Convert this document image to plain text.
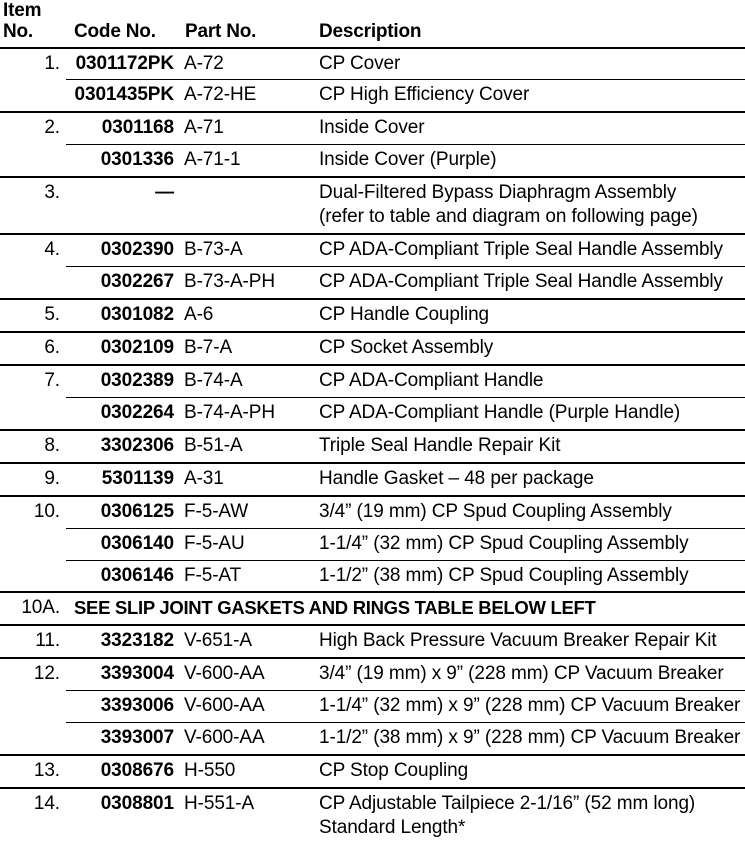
Item
No.	Code No.	Part No.	Description
1.	0301172PK	A-72	CP Cover

	0301435PK	A-72-HE	CP High Efficiency Cover

2.	0301168	A-71	Inside Cover

	0301336	A-71-1	Inside Cover (Purple)

3.	—		Dual-Filtered Bypass Diaphragm Assembly
(refer to table and diagram on following page)

4.	0302390	B-73-A	CP ADA-Compliant Triple Seal Handle Assembly

	0302267	B-73-A-PH	CP ADA-Compliant Triple Seal Handle Assembly

5.	0301082	A-6	CP Handle Coupling

6.	0302109	B-7-A	CP Socket Assembly

7.	0302389	B-74-A	CP ADA-Compliant Handle

	0302264	B-74-A-PH	CP ADA-Compliant Handle (Purple Handle)

8.	3302306	B-51-A	Triple Seal Handle Repair Kit

9.	5301139	A-31	Handle Gasket – 48 per package

10.	0306125	F-5-AW	3/4” (19 mm) CP Spud Coupling Assembly

	0306140	F-5-AU	1-1/4” (32 mm) CP Spud Coupling Assembly

	0306146	F-5-AT	1-1/2” (38 mm) CP Spud Coupling Assembly

10A.	SEE SLIP JOINT GASKETS AND RINGS TABLE BELOW LEFT		
11.	3323182	V-651-A	High Back Pressure Vacuum Breaker Repair Kit

12.	3393004	V-600-AA	3/4” (19 mm) x 9” (228 mm) CP Vacuum Breaker

	3393006	V-600-AA	1-1/4” (32 mm) x 9” (228 mm) CP Vacuum Breaker

	3393007	V-600-AA	1-1/2” (38 mm) x 9” (228 mm) CP Vacuum Breaker

13.	0308676	H-550	CP Stop Coupling

14.	0308801	H-551-A	CP Adjustable Tailpiece 2-1/16” (52 mm long)
Standard Length*
